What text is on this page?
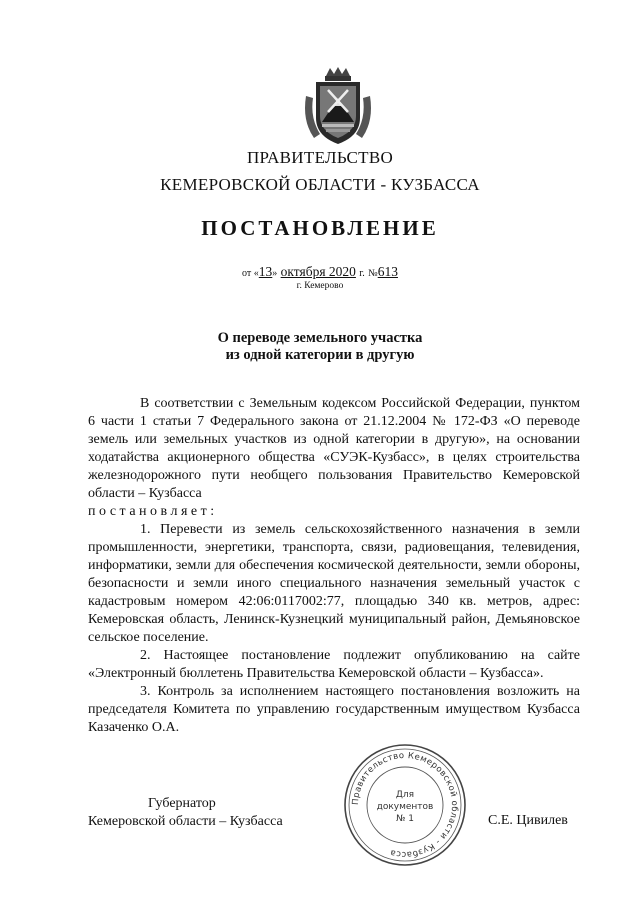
ПРАВИТЕЛЬСТВО
КЕМЕРОВСКОЙ ОБЛАСТИ - КУЗБАССА
ПОСТАНОВЛЕНИЕ
от «13» октября 2020 г. №613
г. Кемерово
О переводе земельного участка
из одной категории в другую

В соответствии с Земельным кодексом Российской Федерации, пунктом 6 части 1 статьи 7 Федерального закона от 21.12.2004 № 172-ФЗ «О переводе земель или земельных участков из одной категории в другую», на основании ходатайства акционерного общества «СУЭК-Кузбасс», в целях строительства железнодорожного пути необщего пользования Правительство Кемеровской области – Кузбасса

постановляет:

1. Перевести из земель сельскохозяйственного назначения в земли промышленности, энергетики, транспорта, связи, радиовещания, телевидения, информатики, земли для обеспечения космической деятельности, земли обороны, безопасности и земли иного специального назначения земельный участок с кадастровым номером 42:06:0117002:77, площадью 340 кв. метров, адрес: Кемеровская область, Ленинск-Кузнецкий муниципальный район, Демьяновское сельское поселение.

2. Настоящее постановление подлежит опубликованию на сайте «Электронный бюллетень Правительства Кемеровской области – Кузбасса».

3. Контроль за исполнением настоящего постановления возложить на председателя Комитета по управлению государственным имуществом Кузбасса Казаченко О.А.

Губернатор
Кемеровской области – Кузбасса
Правительство Кемеровской области - Кузбасса
Для
документов
№ 1	С.Е. Цивилев
